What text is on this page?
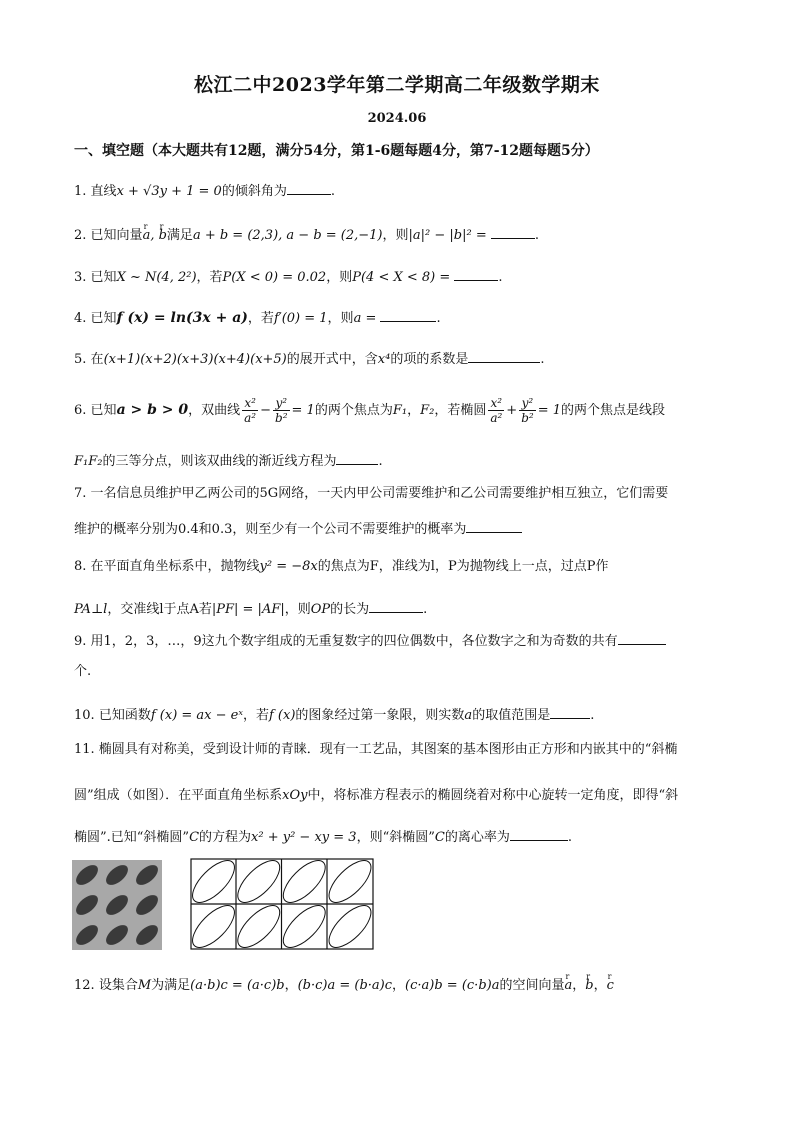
松江二中2023学年第二学期高二年级数学期末
2024.06
一、填空题（本大题共有12题，满分54分，第1-6题每题4分，第7-12题每题5分）
1. 直线x + √3y + 1 = 0的倾斜角为	.
2. 已知向量r a, r b满足a + b = (2,3), a − b = (2,−1)，则|a|² − |b|² =	.
3. 已知X ~ N(4, 2²)，若P(X < 0) = 0.02，则P(4 < X < 8) =	.
4. 已知f (x) = ln(3x + a)，若f′(0) = 1，则a =	.
5. 在(x+1)(x+2)(x+3)(x+4)(x+5)的展开式中，含x⁴的项的系数是	.
6. 已知a > b > 0，双曲线 $\frac{\text{x²}}{\text{a²}} - \frac{\text{y²}}{\text{b²}} = 1$的两个焦点为F₁，F₂，若椭圆 $\frac{\text{x²}}{\text{a²}} + \frac{\text{y²}}{\text{b²}} = 1$的两个焦点是线段
F₁F₂的三等分点，则该双曲线的渐近线方程为	.
7. 一名信息员维护甲乙两公司的5G网络，一天内甲公司需要维护和乙公司需要维护相互独立，它们需要
维护的概率分别为0.4和0.3，则至少有一个公司不需要维护的概率为
8. 在平面直角坐标系中，抛物线y² = −8x的焦点为F，准线为l，P为抛物线上一点，过点P作
PA⊥l，交准线l于点A若|PF| = |AF|，则OP的长为	.
9. 用1，2，3，…，9这九个数字组成的无重复数字的四位偶数中，各位数字之和为奇数的共有
个.
10. 已知函数f (x) = ax − eˣ，若f (x)的图象经过第一象限，则实数a的取值范围是	.
11. 椭圆具有对称美，受到设计师的青睐．现有一工艺品，其图案的基本图形由正方形和内嵌其中的“斜椭
圆”组成（如图）．在平面直角坐标系xOy中，将标准方程表示的椭圆绕着对称中心旋转一定角度，即得“斜
椭圆”.已知“斜椭圆”C的方程为x² + y² − xy = 3，则“斜椭圆”C的离心率为	.
12. 设集合M为满足(a·b)c = (a·c)b，(b·c)a = (b·a)c，(c·a)b = (c·b)a的空间向量r a，r b，r c
